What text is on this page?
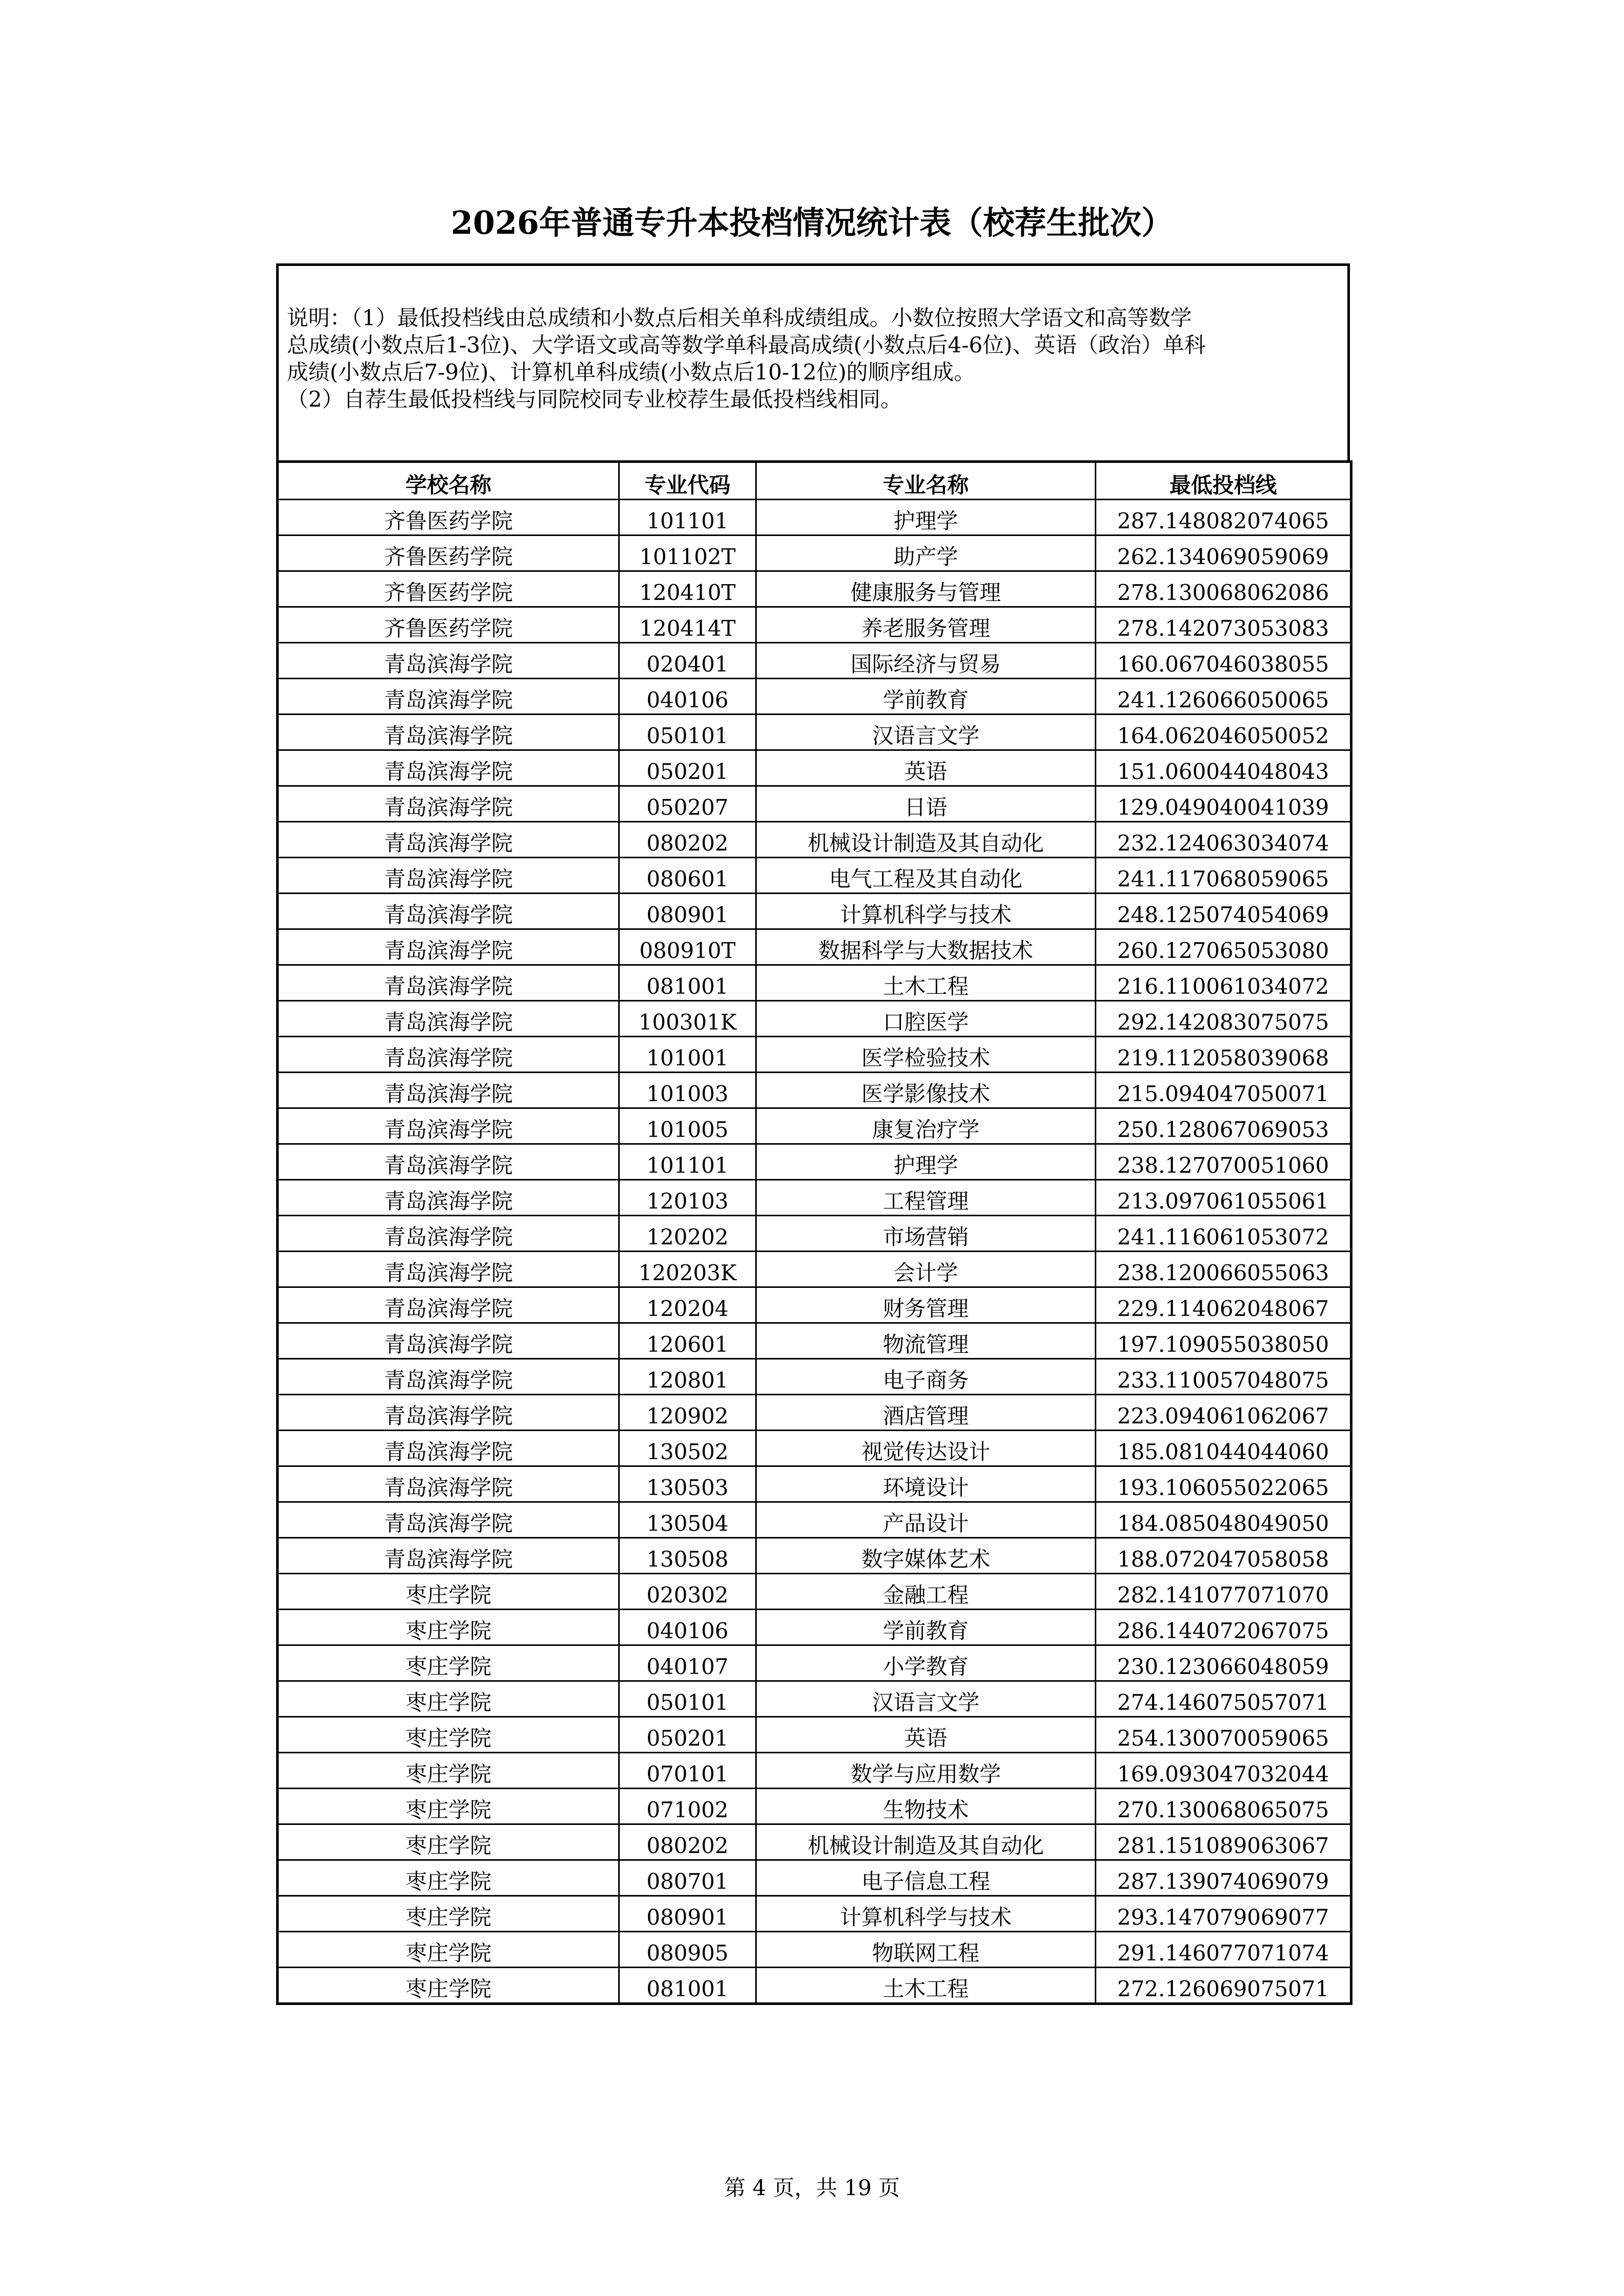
2026年普通专升本投档情况统计表（校荐生批次）
说明：（1）最低投档线由总成绩和小数点后相关单科成绩组成。小数位按照大学语文和高等数学
总成绩(小数点后1-3位)、大学语文或高等数学单科最高成绩(小数点后4-6位)、英语（政治）单科
成绩(小数点后7-9位)、计算机单科成绩(小数点后10-12位)的顺序组成。
（2）自荐生最低投档线与同院校同专业校荐生最低投档线相同。
学校名称	专业代码	专业名称	最低投档线
齐鲁医药学院	101101	护理学	287.148082074065
齐鲁医药学院	101102T	助产学	262.134069059069
齐鲁医药学院	120410T	健康服务与管理	278.130068062086
齐鲁医药学院	120414T	养老服务管理	278.142073053083
青岛滨海学院	020401	国际经济与贸易	160.067046038055
青岛滨海学院	040106	学前教育	241.126066050065
青岛滨海学院	050101	汉语言文学	164.062046050052
青岛滨海学院	050201	英语	151.060044048043
青岛滨海学院	050207	日语	129.049040041039
青岛滨海学院	080202	机械设计制造及其自动化	232.124063034074
青岛滨海学院	080601	电气工程及其自动化	241.117068059065
青岛滨海学院	080901	计算机科学与技术	248.125074054069
青岛滨海学院	080910T	数据科学与大数据技术	260.127065053080
青岛滨海学院	081001	土木工程	216.110061034072
青岛滨海学院	100301K	口腔医学	292.142083075075
青岛滨海学院	101001	医学检验技术	219.112058039068
青岛滨海学院	101003	医学影像技术	215.094047050071
青岛滨海学院	101005	康复治疗学	250.128067069053
青岛滨海学院	101101	护理学	238.127070051060
青岛滨海学院	120103	工程管理	213.097061055061
青岛滨海学院	120202	市场营销	241.116061053072
青岛滨海学院	120203K	会计学	238.120066055063
青岛滨海学院	120204	财务管理	229.114062048067
青岛滨海学院	120601	物流管理	197.109055038050
青岛滨海学院	120801	电子商务	233.110057048075
青岛滨海学院	120902	酒店管理	223.094061062067
青岛滨海学院	130502	视觉传达设计	185.081044044060
青岛滨海学院	130503	环境设计	193.106055022065
青岛滨海学院	130504	产品设计	184.085048049050
青岛滨海学院	130508	数字媒体艺术	188.072047058058
枣庄学院	020302	金融工程	282.141077071070
枣庄学院	040106	学前教育	286.144072067075
枣庄学院	040107	小学教育	230.123066048059
枣庄学院	050101	汉语言文学	274.146075057071
枣庄学院	050201	英语	254.130070059065
枣庄学院	070101	数学与应用数学	169.093047032044
枣庄学院	071002	生物技术	270.130068065075
枣庄学院	080202	机械设计制造及其自动化	281.151089063067
枣庄学院	080701	电子信息工程	287.139074069079
枣庄学院	080901	计算机科学与技术	293.147079069077
枣庄学院	080905	物联网工程	291.146077071074
枣庄学院	081001	土木工程	272.126069075071
第 4 页，共 19 页
